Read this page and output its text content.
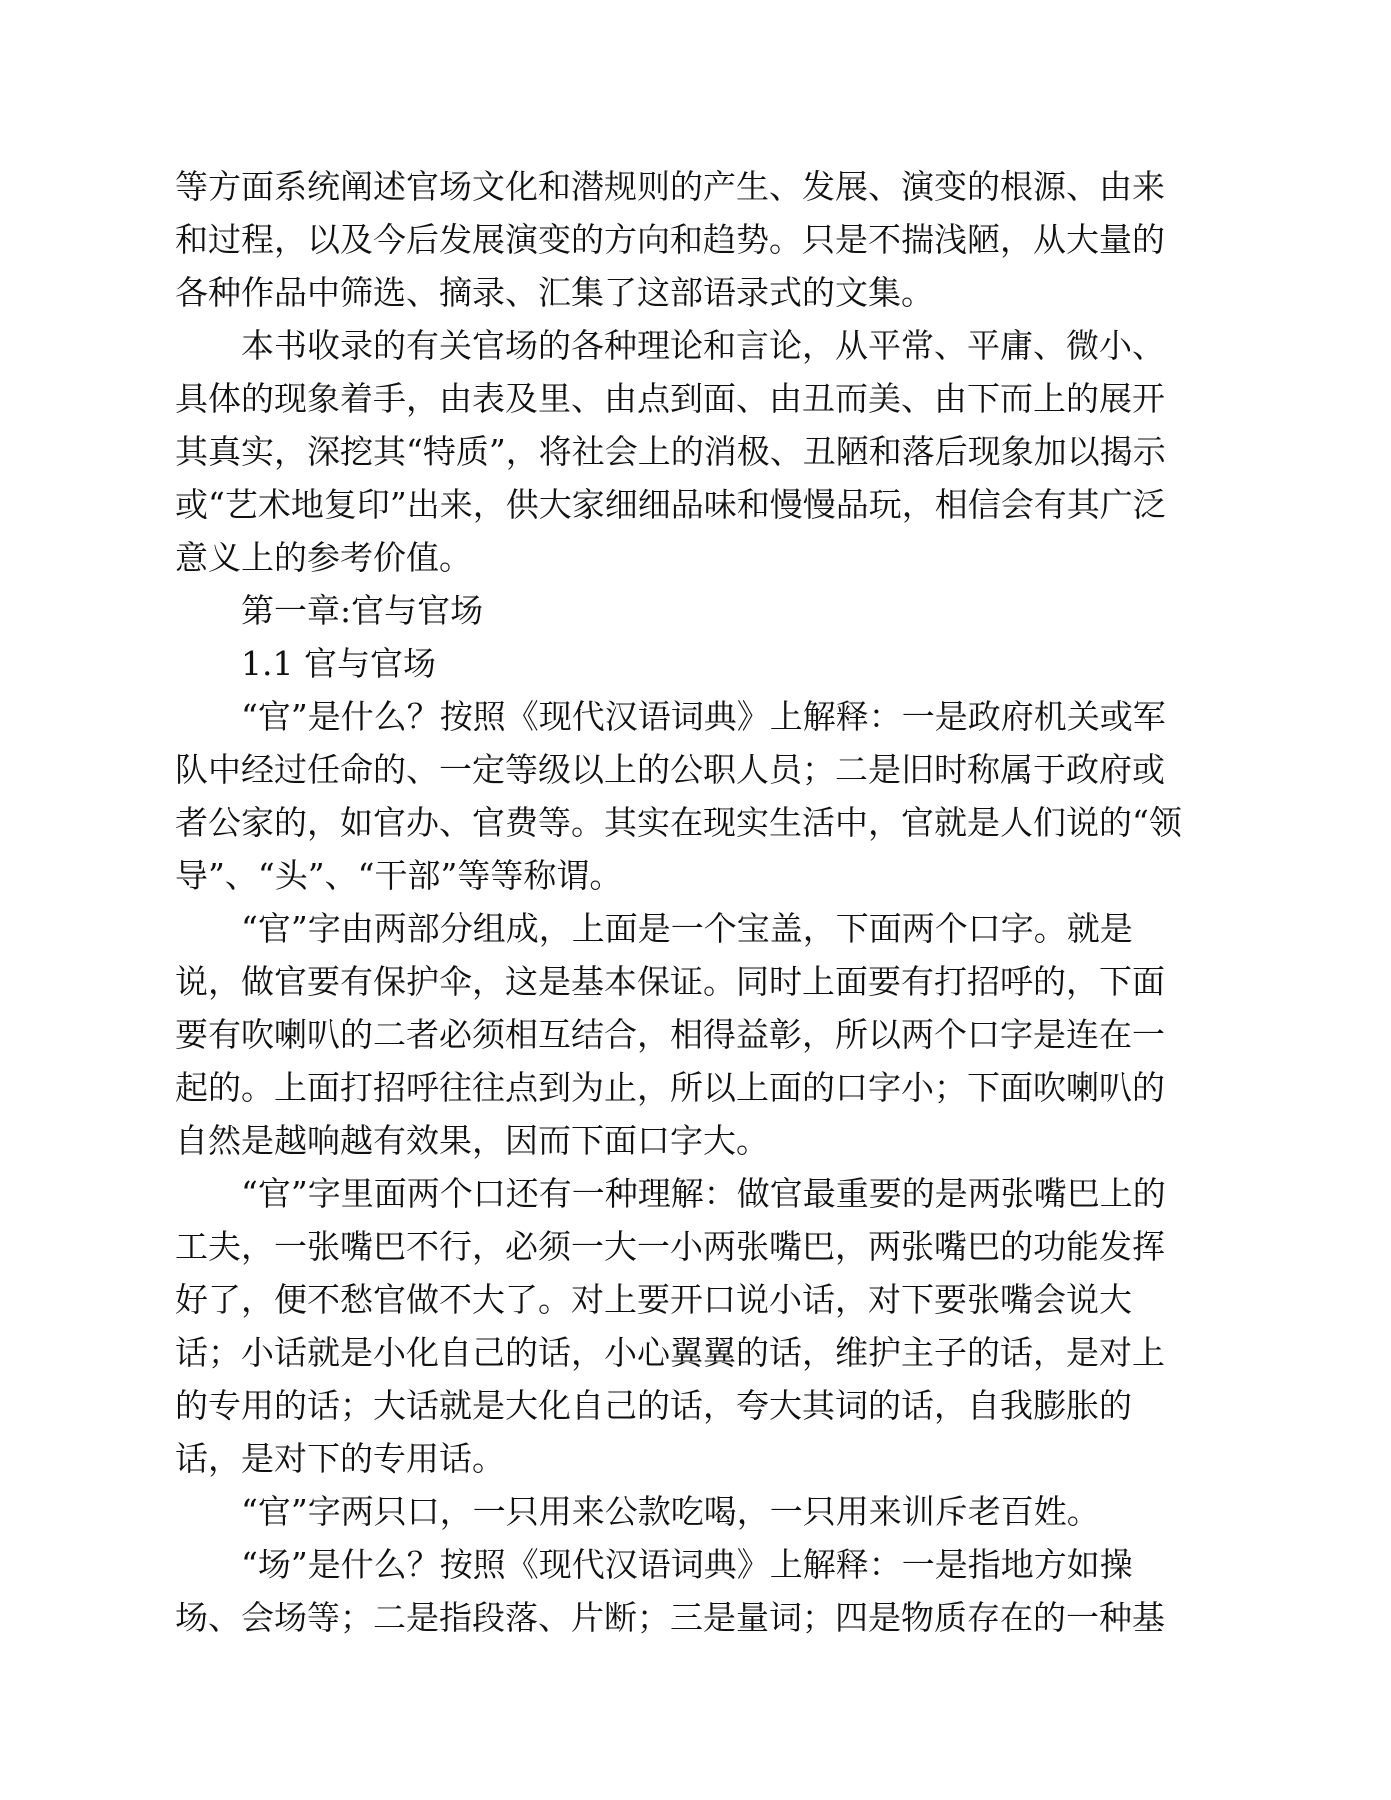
等方面系统阐述官场文化和潜规则的产生、发展、演变的根源、由来
和过程，以及今后发展演变的方向和趋势。只是不揣浅陋，从大量的
各种作品中筛选、摘录、汇集了这部语录式的文集。
本书收录的有关官场的各种理论和言论，从平常、平庸、微小、
具体的现象着手，由表及里、由点到面、由丑而美、由下而上的展开
其真实，深挖其“特质”，将社会上的消极、丑陋和落后现象加以揭示
或“艺术地复印”出来，供大家细细品味和慢慢品玩，相信会有其广泛
意义上的参考价值。
第一章:官与官场
1.1 官与官场
“官”是什么？按照《现代汉语词典》上解释：一是政府机关或军
队中经过任命的、一定等级以上的公职人员；二是旧时称属于政府或
者公家的，如官办、官费等。其实在现实生活中，官就是人们说的“领
导”、“头”、“干部”等等称谓。
“官”字由两部分组成，上面是一个宝盖，下面两个口字。就是
说，做官要有保护伞，这是基本保证。同时上面要有打招呼的，下面
要有吹喇叭的二者必须相互结合，相得益彰，所以两个口字是连在一
起的。上面打招呼往往点到为止，所以上面的口字小；下面吹喇叭的
自然是越响越有效果，因而下面口字大。
“官”字里面两个口还有一种理解：做官最重要的是两张嘴巴上的
工夫，一张嘴巴不行，必须一大一小两张嘴巴，两张嘴巴的功能发挥
好了，便不愁官做不大了。对上要开口说小话，对下要张嘴会说大
话；小话就是小化自己的话，小心翼翼的话，维护主子的话，是对上
的专用的话；大话就是大化自己的话，夸大其词的话，自我膨胀的
话，是对下的专用话。
“官”字两只口，一只用来公款吃喝，一只用来训斥老百姓。
“场”是什么？按照《现代汉语词典》上解释：一是指地方如操
场、会场等；二是指段落、片断；三是量词；四是物质存在的一种基
